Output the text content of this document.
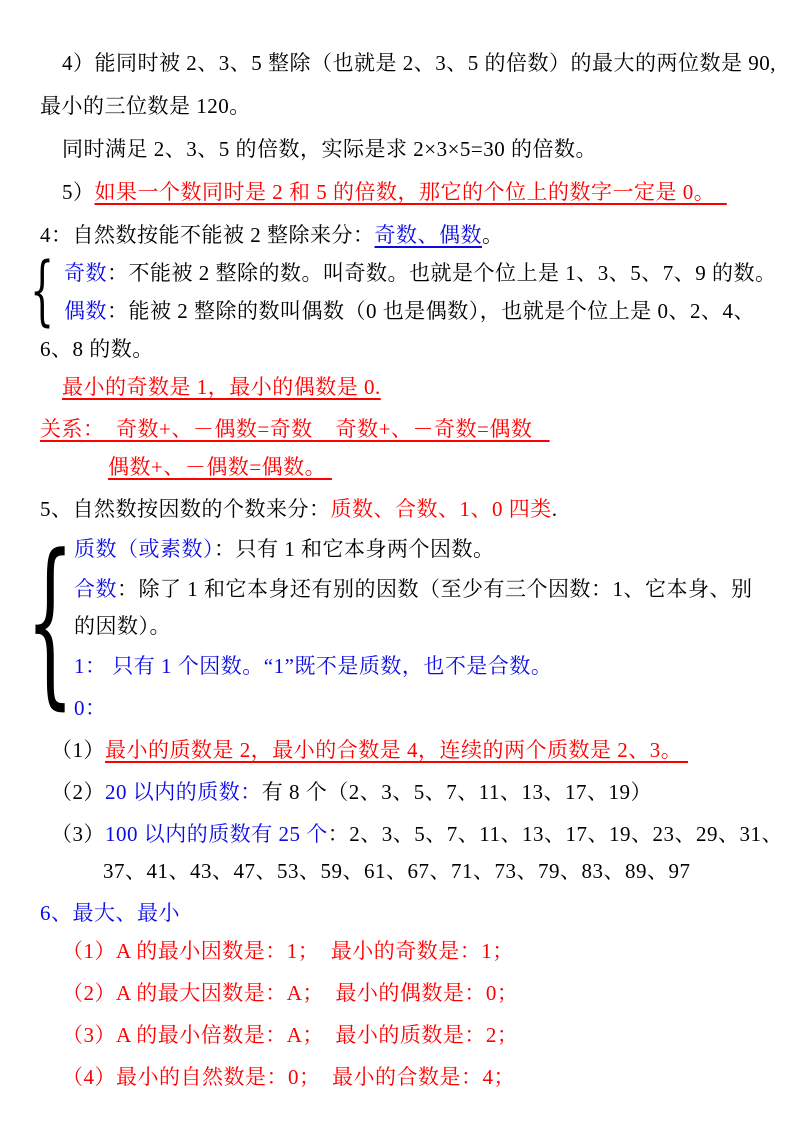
4）能同时被 2、3、5 整除（也就是 2、3、5 的倍数）的最大的两位数是 90,
最小的三位数是 120。
同时满足 2、3、5 的倍数，实际是求 2×3×5=30 的倍数。
5）如果一个数同时是 2 和 5 的倍数，那它的个位上的数字一定是 0。
4：自然数按能不能被 2 整除来分：奇数、偶数。
奇数：不能被 2 整除的数。叫奇数。也就是个位上是 1、3、5、7、9 的数。
偶数：能被 2 整除的数叫偶数（0 也是偶数），也就是个位上是 0、2、4、
6、8 的数。
最小的奇数是 1，最小的偶数是 0.
关系：  奇数+、－偶数=奇数    奇数+、－奇数=偶数
偶数+、－偶数=偶数。
5、自然数按因数的个数来分：质数、合数、1、0 四类.
质数（或素数）：只有 1 和它本身两个因数。
合数：除了 1 和它本身还有别的因数（至少有三个因数：1、它本身、别
的因数）。
1： 只有 1 个因数。“1”既不是质数，也不是合数。
0：
（1）最小的质数是 2，最小的合数是 4，连续的两个质数是 2、3。
（2）20 以内的质数：有 8 个（2、3、5、7、11、13、17、19）
（3）100 以内的质数有 25 个：2、3、5、7、11、13、17、19、23、29、31、
37、41、43、47、53、59、61、67、71、73、79、83、89、97
6、最大、最小
（1）A 的最小因数是：1；  最小的奇数是：1；
（2）A 的最大因数是：A；  最小的偶数是：0；
（3）A 的最小倍数是：A；  最小的质数是：2；
（4）最小的自然数是：0；  最小的合数是：4；
{
{
